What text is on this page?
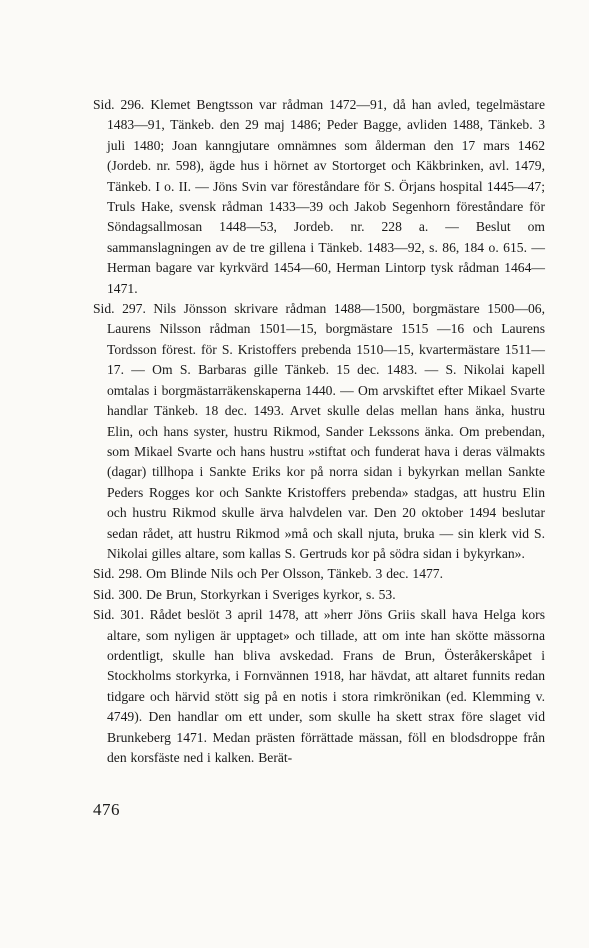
Sid. 296. Klemet Bengtsson var rådman 1472—91, då han avled, tegelmästare 1483—91, Tänkeb. den 29 maj 1486; Peder Bagge, avliden 1488, Tänkeb. 3 juli 1480; Joan kanngjutare omnämnes som ålderman den 17 mars 1462 (Jordeb. nr. 598), ägde hus i hörnet av Stortorget och Käkbrinken, avl. 1479, Tänkeb. I o. II. — Jöns Svin var föreståndare för S. Örjans hospital 1445—47; Truls Hake, svensk rådman 1433—39 och Jakob Segenhorn föreståndare för Söndagsallmosan 1448—53, Jordeb. nr. 228 a. — Beslut om sammanslagningen av de tre gillena i Tänkeb. 1483—92, s. 86, 184 o. 615. — Herman bagare var kyrkvärd 1454—60, Herman Lintorp tysk rådman 1464—1471.

Sid. 297. Nils Jönsson skrivare rådman 1488—1500, borgmästare 1500—06, Laurens Nilsson rådman 1501—15, borgmästare 1515 —16 och Laurens Tordsson förest. för S. Kristoffers prebenda 1510—15, kvartermästare 1511—17. — Om S. Barbaras gille Tänkeb. 15 dec. 1483. — S. Nikolai kapell omtalas i borgmästarräkenskaperna 1440. — Om arvskiftet efter Mikael Svarte handlar Tänkeb. 18 dec. 1493. Arvet skulle delas mellan hans änka, hustru Elin, och hans syster, hustru Rikmod, Sander Lekssons änka. Om prebendan, som Mikael Svarte och hans hustru »stiftat och funderat hava i deras välmakts (dagar) tillhopa i Sankte Eriks kor på norra sidan i bykyrkan mellan Sankte Peders Rogges kor och Sankte Kristoffers prebenda» stadgas, att hustru Elin och hustru Rikmod skulle ärva halvdelen var. Den 20 oktober 1494 beslutar sedan rådet, att hustru Rikmod »må och skall njuta, bruka — sin klerk vid S. Nikolai gilles altare, som kallas S. Gertruds kor på södra sidan i bykyrkan».

Sid. 298. Om Blinde Nils och Per Olsson, Tänkeb. 3 dec. 1477.

Sid. 300. De Brun, Storkyrkan i Sveriges kyrkor, s. 53.

Sid. 301. Rådet beslöt 3 april 1478, att »herr Jöns Griis skall hava Helga kors altare, som nyligen är upptaget» och tillade, att om inte han skötte mässorna ordentligt, skulle han bliva avskedad. Frans de Brun, Österåkerskåpet i Stockholms storkyrka, i Fornvännen 1918, har hävdat, att altaret funnits redan tidgare och härvid stött sig på en notis i stora rimkrönikan (ed. Klemming v. 4749). Den handlar om ett under, som skulle ha skett strax före slaget vid Brunkeberg 1471. Medan prästen förrättade mässan, föll en blodsdroppe från den korsfäste ned i kalken. Berät-

476
